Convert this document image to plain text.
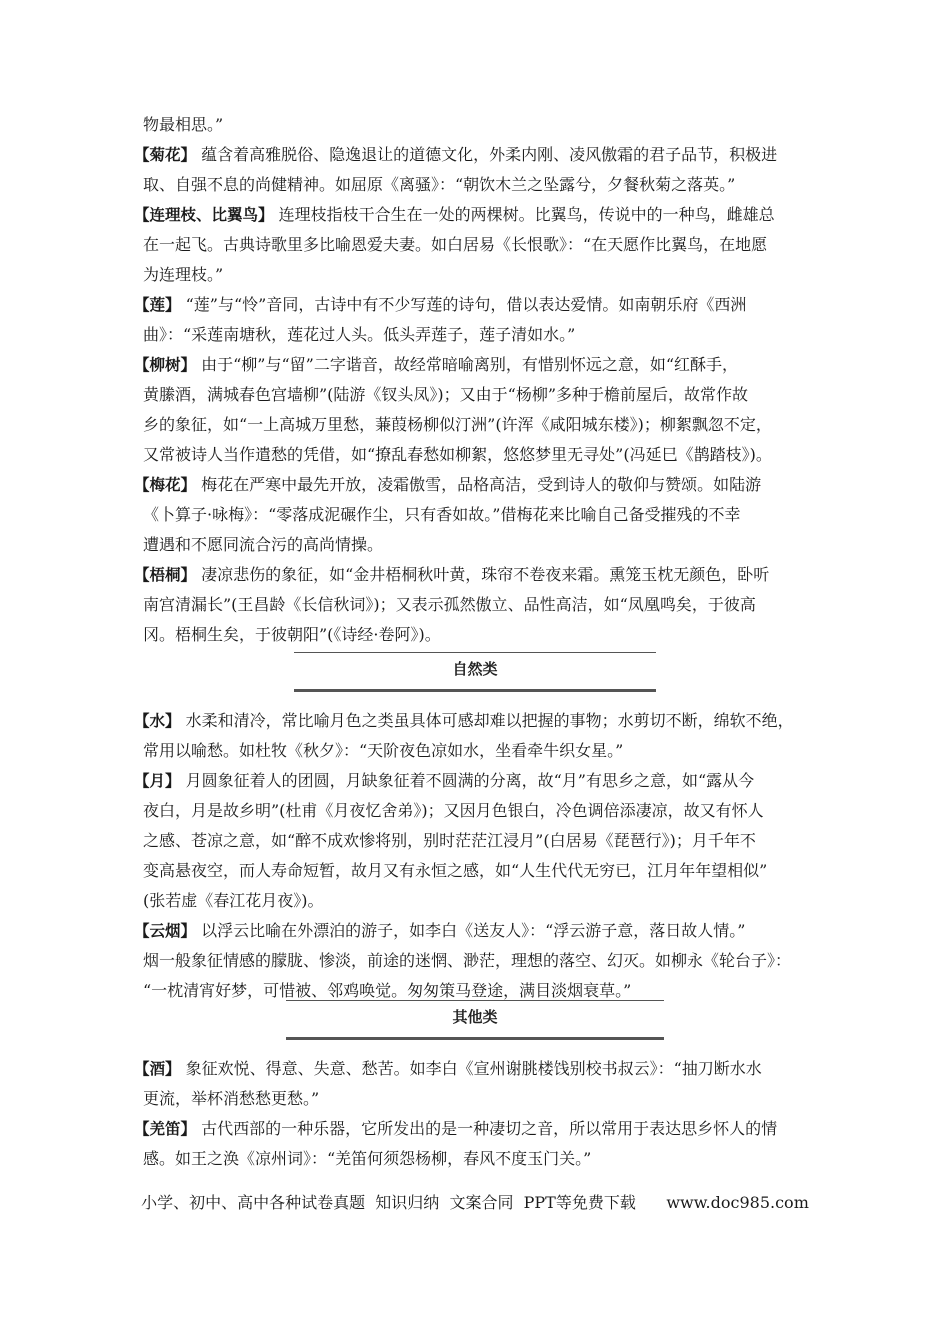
物最相思。”
【菊花】 蕴含着高雅脱俗、隐逸退让的道德文化，外柔内刚、凌风傲霜的君子品节，积极进
取、自强不息的尚健精神。如屈原《离骚》：“朝饮木兰之坠露兮，夕餐秋菊之落英。”
【连理枝、比翼鸟】 连理枝指枝干合生在一处的两棵树。比翼鸟，传说中的一种鸟，雌雄总
在一起飞。古典诗歌里多比喻恩爱夫妻。如白居易《长恨歌》：“在天愿作比翼鸟，在地愿
为连理枝。”
【莲】 “莲”与“怜”音同，古诗中有不少写莲的诗句，借以表达爱情。如南朝乐府《西洲
曲》：“采莲南塘秋，莲花过人头。低头弄莲子，莲子清如水。”
【柳树】 由于“柳”与“留”二字谐音，故经常暗喻离别，有惜别怀远之意，如“红酥手，
黄縢酒，满城春色宫墙柳”(陆游《钗头凤》)；又由于“杨柳”多种于檐前屋后，故常作故
乡的象征，如“一上高城万里愁，蒹葭杨柳似汀洲”(许浑《咸阳城东楼》)；柳絮飘忽不定，
又常被诗人当作遣愁的凭借，如“撩乱春愁如柳絮，悠悠梦里无寻处”(冯延巳《鹊踏枝》)。
【梅花】 梅花在严寒中最先开放，凌霜傲雪，品格高洁，受到诗人的敬仰与赞颂。如陆游
《卜算子·咏梅》：“零落成泥碾作尘，只有香如故。”借梅花来比喻自己备受摧残的不幸
遭遇和不愿同流合污的高尚情操。
【梧桐】 凄凉悲伤的象征，如“金井梧桐秋叶黄，珠帘不卷夜来霜。熏笼玉枕无颜色，卧听
南宫清漏长”(王昌龄《长信秋词》)；又表示孤然傲立、品性高洁，如“凤凰鸣矣，于彼高
冈。梧桐生矣，于彼朝阳”(《诗经·卷阿》)。
自然类
【水】 水柔和清冷，常比喻月色之类虽具体可感却难以把握的事物；水剪切不断，绵软不绝，
常用以喻愁。如杜牧《秋夕》：“天阶夜色凉如水，坐看牵牛织女星。”
【月】 月圆象征着人的团圆，月缺象征着不圆满的分离，故“月”有思乡之意，如“露从今
夜白，月是故乡明”(杜甫《月夜忆舍弟》)；又因月色银白，冷色调倍添凄凉，故又有怀人
之感、苍凉之意，如“醉不成欢惨将别，别时茫茫江浸月”(白居易《琵琶行》)；月千年不
变高悬夜空，而人寿命短暂，故月又有永恒之感，如“人生代代无穷已，江月年年望相似”
(张若虚《春江花月夜》)。
【云烟】 以浮云比喻在外漂泊的游子，如李白《送友人》：“浮云游子意，落日故人情。”
烟一般象征情感的朦胧、惨淡，前途的迷惘、渺茫，理想的落空、幻灭。如柳永《轮台子》：
“一枕清宵好梦，可惜被、邻鸡唤觉。匆匆策马登途，满目淡烟衰草。”
其他类
【酒】 象征欢悦、得意、失意、愁苦。如李白《宣州谢朓楼饯别校书叔云》：“抽刀断水水
更流，举杯消愁愁更愁。”
【羌笛】 古代西部的一种乐器，它所发出的是一种凄切之音，所以常用于表达思乡怀人的情
感。如王之涣《凉州词》：“羌笛何须怨杨柳，春风不度玉门关。”
小学、初中、高中各种试卷真题  知识归纳  文案合同  PPT等免费下载      www.doc985.com
